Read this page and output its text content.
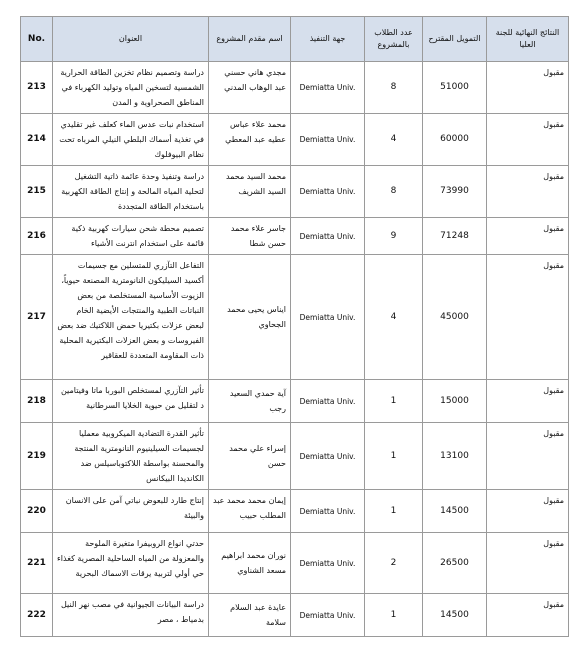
No.	العنوان	اسم مقدم المشروع	جهة التنفيذ	عدد الطلاب بالمشروع	التمويل المقترح	النتائج النهائية للجنة العليا
213	دراسة وتصميم نظام تخزين الطاقة الحرارية الشمسية لتسخين المياه وتوليد الكهرباء في المناطق الصحراوية و المدن	مجدي هاني حسني عبد الوهاب المدني	Demiatta Univ.	8	51000	مقبول
214	استخدام نبات عدس الماء كعلف غير تقليدي في تغذية أسماك البلطي النيلي المرباه تحت نظام البيوفلوك	محمد علاء عباس عطيه عبد المعطي	Demiatta Univ.	4	60000	مقبول
215	دراسة وتنفيذ وحدة عائمة ذاتية التشغيل لتحلية المياه المالحة و إنتاج الطاقة الكهربية باستخدام الطاقة المتجددة	محمد السيد محمد السيد الشريف	Demiatta Univ.	8	73990	مقبول
216	تصميم محطة شحن سيارات كهربية ذكية قائمة على استخدام انترنت الأشياء	جاسر علاء محمد حسن شطا	Demiatta Univ.	9	71248	مقبول
217	التفاعل التآزري للمتسلين مع جسيمات أكسيد السيليكون النانومترية المصنعة حيوياً، الزيوت الأساسية المستخلصة من بعض النباتات الطبية والمنتجات الأيضية الخام لبعض عزلات بكتيريا حمض اللاكتيك ضد بعض الفيروسات و بعض العزلات البكتيرية المحلية ذات المقاومة المتعددة للعقاقير	ايناس يحيى محمد الجحاوي	Demiatta Univ.	4	45000	مقبول
218	تأثير التآزري لمستخلص البوربا ماتا وفيتامين د لتقليل من حيوية الخلايا السرطانية	آية حمدي السعيد رجب	Demiatta Univ.	1	15000	مقبول
219	تأثير القدرة التضادية الميكروبية معمليا لجسيمات السيلينيوم النانومترية المنتجة والمحسنة بواسطة اللاكتوباسيلس ضد الكانديدا البيكانس	إسراء علي محمد حسن	Demiatta Univ.	1	13100	مقبول
220	إنتاج طارد للبعوض نباتي آمن على الانسان والبيئة	إيمان محمد محمد عبد المطلب حبيب	Demiatta Univ.	1	14500	مقبول
221	حدتي انواع الروبيفرا متغيرة الملوحة والمعزولة من المياه الساحلية المصرية كغذاء حي أولي لتربية يرقات الاسماك البحرية	نوران محمد ابراهيم مسعد الشناوي	Demiatta Univ.	2	26500	مقبول
222	دراسة البيانات الجيوانية في مصب نهر النيل بدمياط ، مصر	عايدة عبد السلام سلامة	Demiatta Univ.	1	14500	مقبول
